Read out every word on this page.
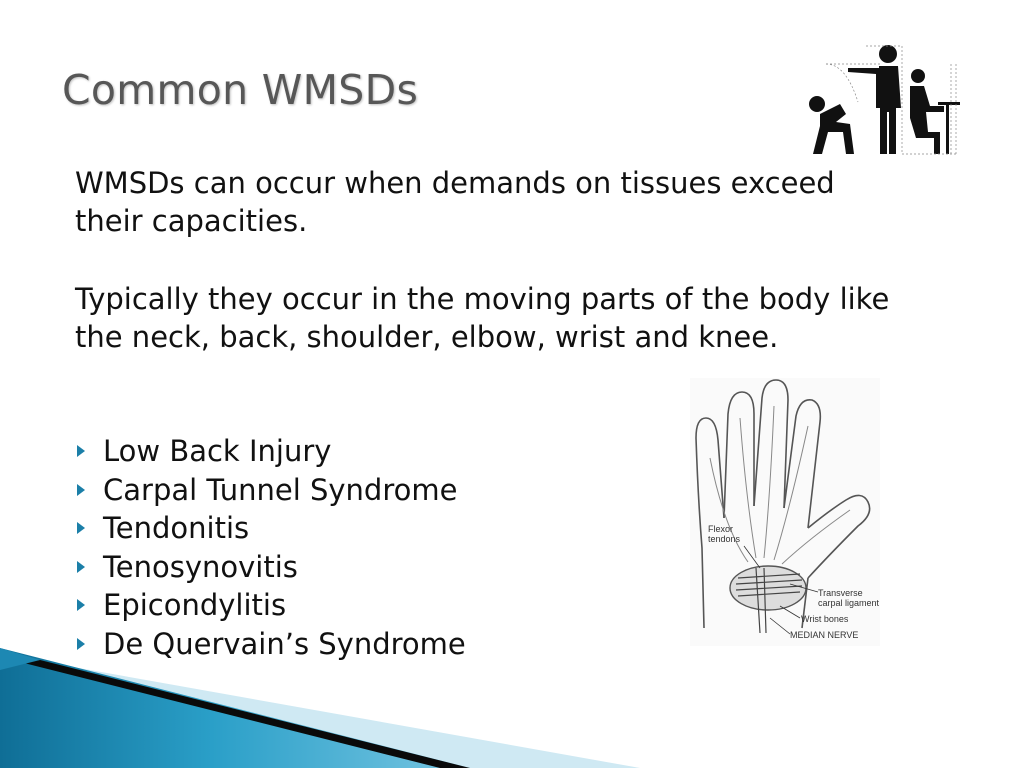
Common WMSDs
WMSDs can occur when demands on tissues exceed their capacities.
Typically they occur in the moving parts of the body like the neck, back, shoulder, elbow, wrist and knee.
Low Back Injury
Carpal Tunnel Syndrome
Tendonitis
Tenosynovitis
Epicondylitis
De Quervain’s Syndrome
Flexor tendons
Transverse carpal ligament
Wrist bones
MEDIAN NERVE
